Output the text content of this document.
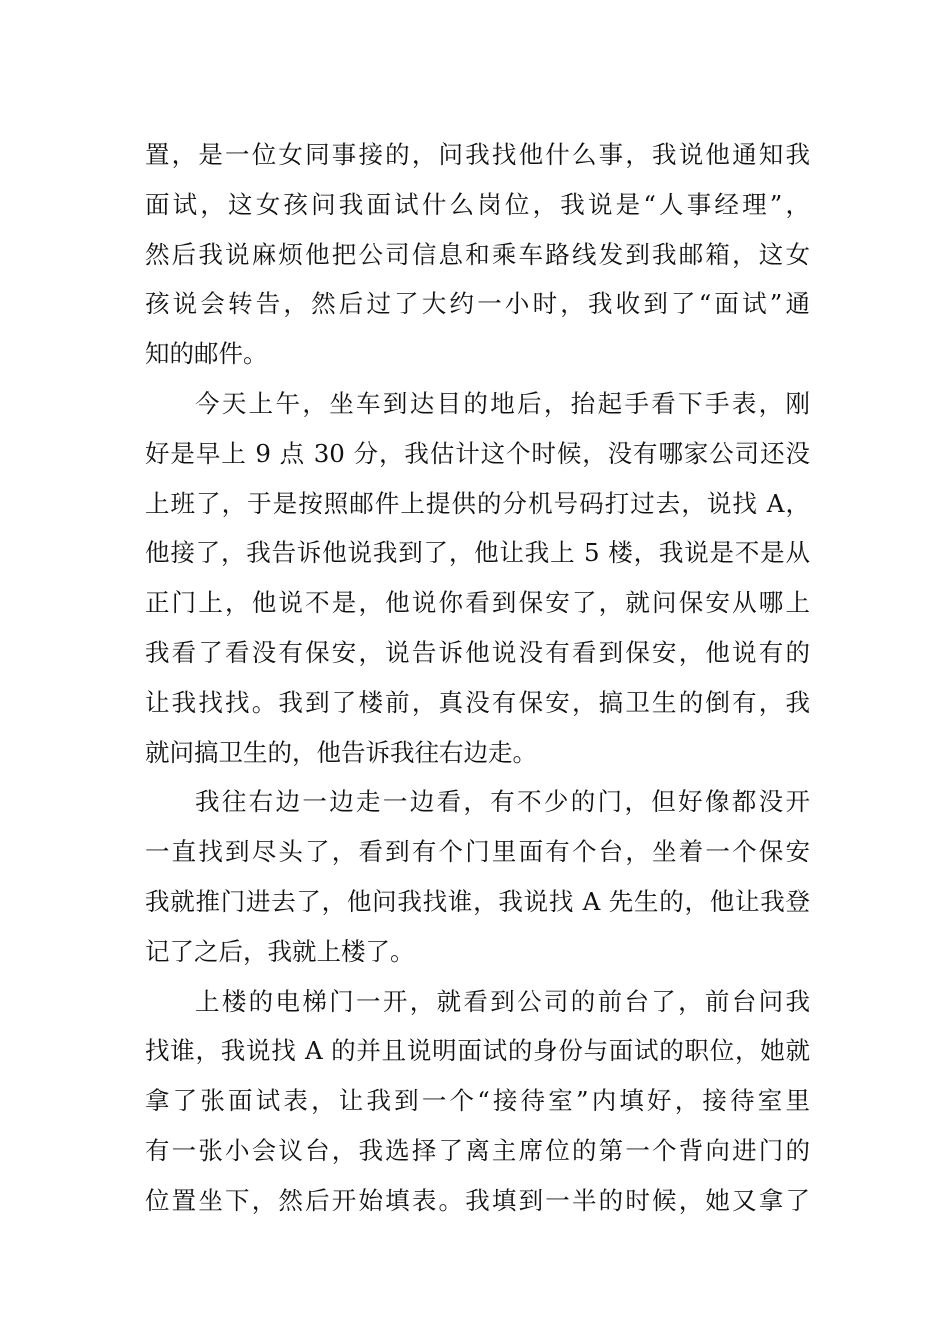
置，是一位女同事接的，问我找他什么事，我说他通知我
面试，这女孩问我面试什么岗位，我说是“人事经理”，
然后我说麻烦他把公司信息和乘车路线发到我邮箱，这女
孩说会转告，然后过了大约一小时，我收到了“面试”通
知的邮件。
今天上午，坐车到达目的地后，抬起手看下手表，刚
好是早上 9 点 30 分，我估计这个时候，没有哪家公司还没
上班了，于是按照邮件上提供的分机号码打过去，说找 A，
他接了，我告诉他说我到了，他让我上 5 楼，我说是不是从
正门上，他说不是，他说你看到保安了，就问保安从哪上
我看了看没有保安，说告诉他说没有看到保安，他说有的
让我找找。我到了楼前，真没有保安，搞卫生的倒有，我
就问搞卫生的，他告诉我往右边走。
我往右边一边走一边看，有不少的门，但好像都没开
一直找到尽头了，看到有个门里面有个台，坐着一个保安
我就推门进去了，他问我找谁，我说找 A 先生的，他让我登
记了之后，我就上楼了。
上楼的电梯门一开，就看到公司的前台了，前台问我
找谁，我说找 A 的并且说明面试的身份与面试的职位，她就
拿了张面试表，让我到一个“接待室”内填好，接待室里
有一张小会议台，我选择了离主席位的第一个背向进门的
位置坐下，然后开始填表。我填到一半的时候，她又拿了
